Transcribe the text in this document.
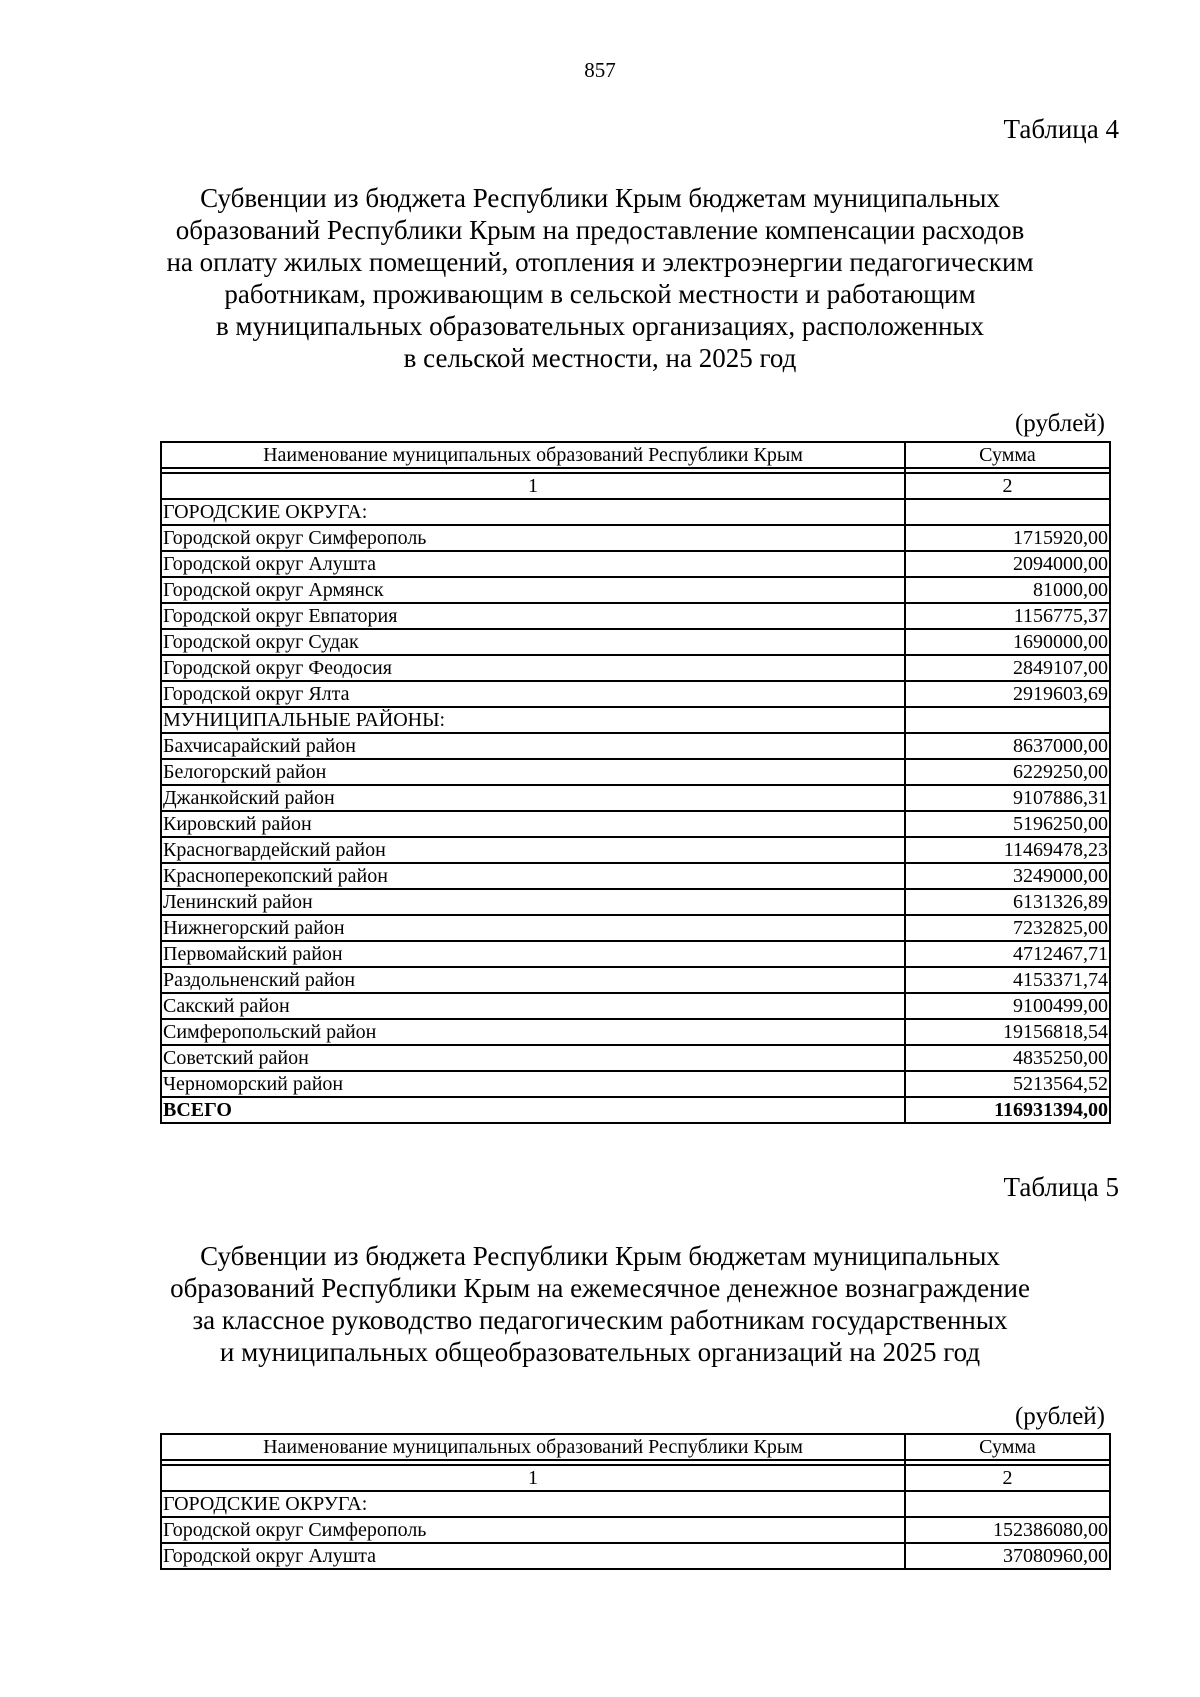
857
Таблица 4
Субвенции из бюджета Республики Крым бюджетам муниципальных
образований Республики Крым на предоставление компенсации расходов
на оплату жилых помещений, отопления и электроэнергии педагогическим
работникам, проживающим в сельской местности и работающим
в муниципальных образовательных организациях, расположенных
в сельской местности, на 2025 год
(рублей)
Наименование муниципальных образований Республики Крым	Сумма

1	2
ГОРОДСКИЕ ОКРУГА:	
Городской округ Симферополь	1715920,00
Городской округ Алушта	2094000,00
Городской округ Армянск	81000,00
Городской округ Евпатория	1156775,37
Городской округ Судак	1690000,00
Городской округ Феодосия	2849107,00
Городской округ Ялта	2919603,69
МУНИЦИПАЛЬНЫЕ РАЙОНЫ:	
Бахчисарайский район	8637000,00
Белогорский район	6229250,00
Джанкойский район	9107886,31
Кировский район	5196250,00
Красногвардейский район	11469478,23
Красноперекопский район	3249000,00
Ленинский район	6131326,89
Нижнегорский район	7232825,00
Первомайский район	4712467,71
Раздольненский район	4153371,74
Сакский район	9100499,00
Симферопольский район	19156818,54
Советский район	4835250,00
Черноморский район	5213564,52
ВСЕГО	116931394,00
Таблица 5
Субвенции из бюджета Республики Крым бюджетам муниципальных
образований Республики Крым на ежемесячное денежное вознаграждение
за классное руководство педагогическим работникам государственных
и муниципальных общеобразовательных организаций на 2025 год
(рублей)
Наименование муниципальных образований Республики Крым	Сумма

1	2
ГОРОДСКИЕ ОКРУГА:	
Городской округ Симферополь	152386080,00
Городской округ Алушта	37080960,00
